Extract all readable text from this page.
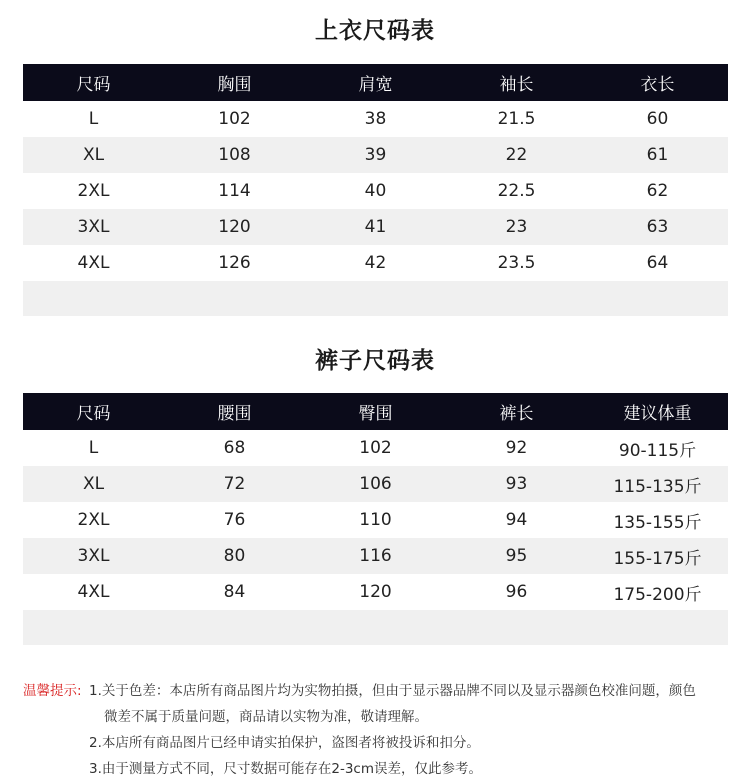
上衣尺码表
尺码	胸围	肩宽	袖长	衣长
L	102	38	21.5	60
XL	108	39	22	61
2XL	114	40	22.5	62
3XL	120	41	23	63
4XL	126	42	23.5	64

裤子尺码表
尺码	腰围	臀围	裤长	建议体重
L	68	102	92	90-115斤
XL	72	106	93	115-135斤
2XL	76	110	94	135-155斤
3XL	80	116	95	155-175斤
4XL	84	120	96	175-200斤

温馨提示: 1.关于色差：本店所有商品图片均为实物拍摄，但由于显示器品牌不同以及显示器颜色校准问题，颜色
微差不属于质量问题，商品请以实物为准，敬请理解。
2.本店所有商品图片已经申请实拍保护，盗图者将被投诉和扣分。
3.由于测量方式不同，尺寸数据可能存在2-3cm误差，仅此参考。
